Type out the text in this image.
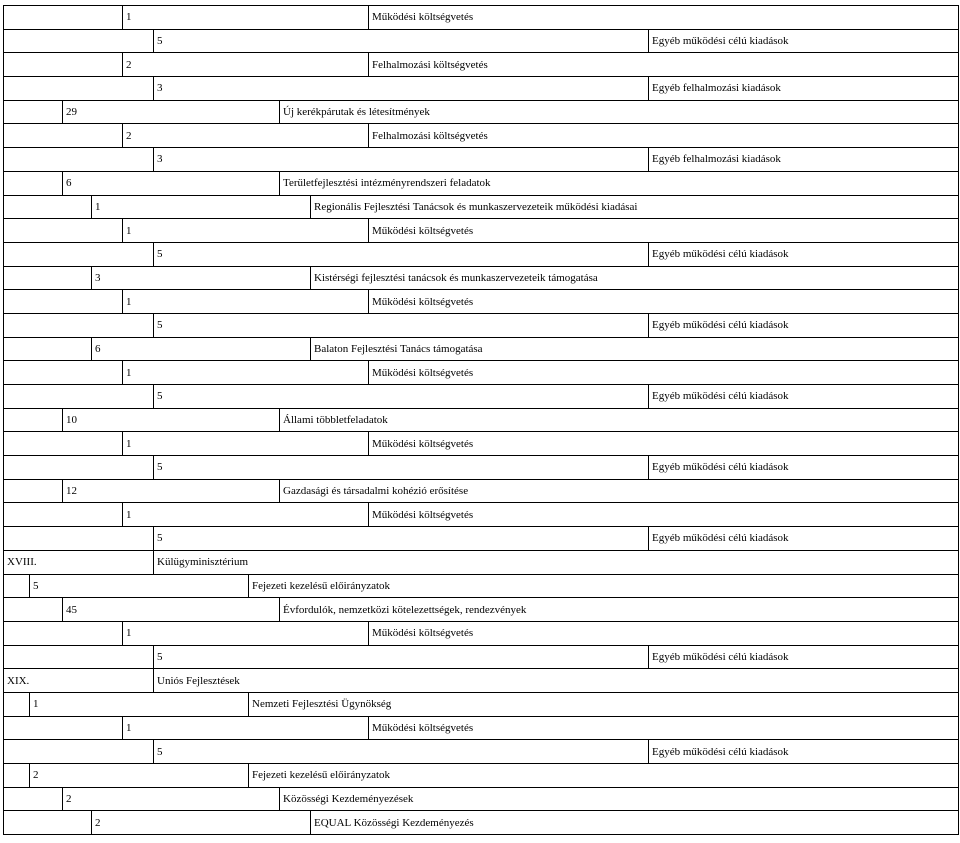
				1					Működési költségvetés		
					5					Egyéb működési célú kiadások	
				2					Felhalmozási költségvetés		
					3					Egyéb felhalmozási kiadások	
		29					Új kerékpárutak és létesítmények				
				2					Felhalmozási költségvetés		
					3					Egyéb felhalmozási kiadások	
		6					Területfejlesztési intézményrendszeri feladatok				
			1					Regionális Fejlesztési Tanácsok és munkaszervezeteik működési kiadásai			
				1					Működési költségvetés		
					5					Egyéb működési célú kiadások	
			3					Kistérségi fejlesztési tanácsok és munkaszervezeteik támogatása			
				1					Működési költségvetés		
					5					Egyéb működési célú kiadások	
			6					Balaton Fejlesztési Tanács támogatása			
				1					Működési költségvetés		
					5					Egyéb működési célú kiadások	
		10					Állami többletfeladatok				
				1					Működési költségvetés		
					5					Egyéb működési célú kiadások	
		12					Gazdasági és társadalmi kohézió erősítése				
				1					Működési költségvetés		
					5					Egyéb működési célú kiadások	
XVIII.					Külügyminisztérium						
	5					Fejezeti kezelésű előirányzatok					
		45					Évfordulók, nemzetközi kötelezettségek, rendezvények				
				1					Működési költségvetés		
					5					Egyéb működési célú kiadások	
XIX.					Uniós Fejlesztések						
	1					Nemzeti Fejlesztési Ügynökség					
				1					Működési költségvetés		
					5					Egyéb működési célú kiadások	
	2					Fejezeti kezelésű előirányzatok					
		2					Közösségi Kezdeményezések				
			2					EQUAL Közösségi Kezdeményezés			
